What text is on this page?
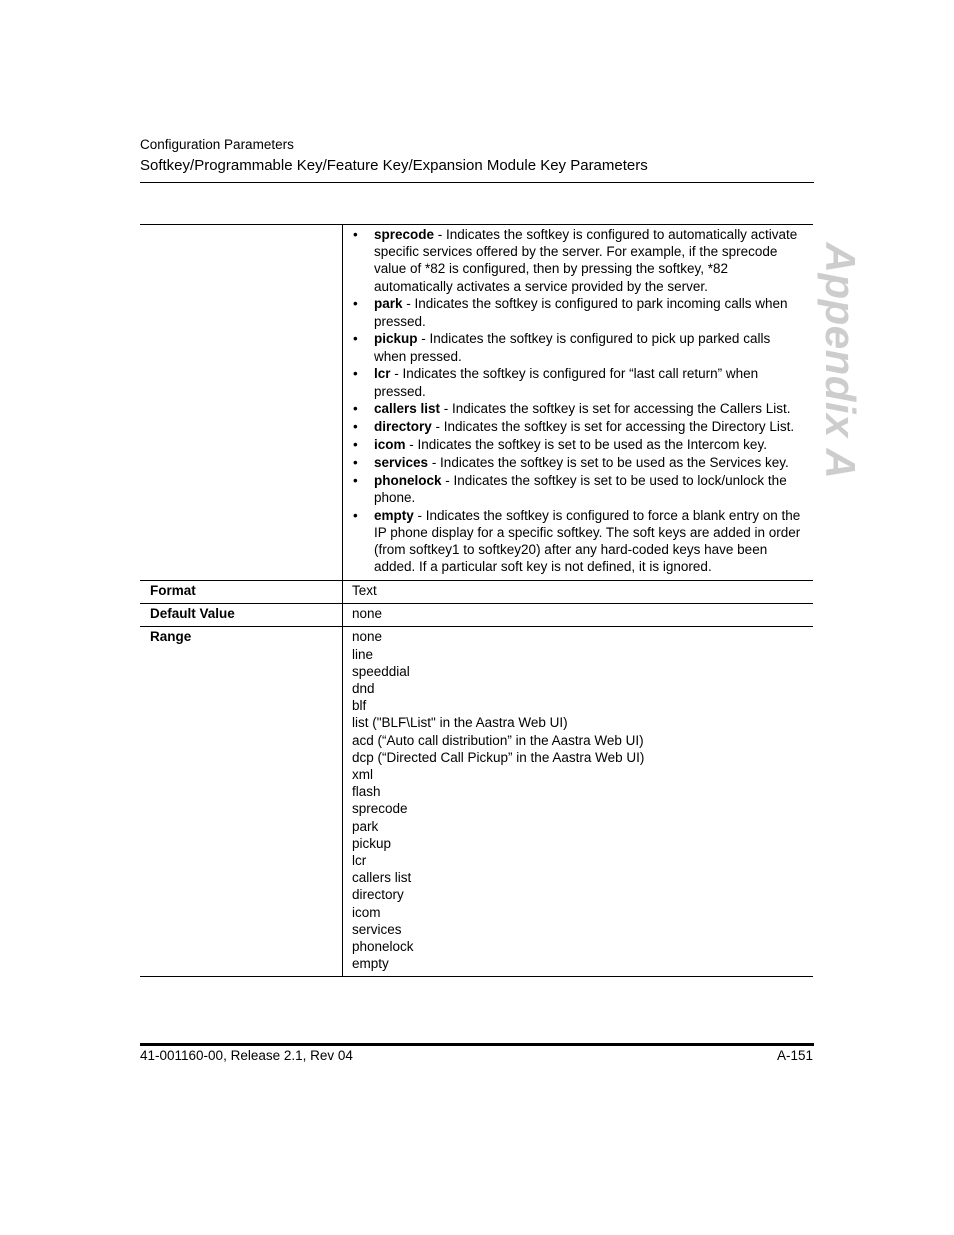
Configuration Parameters
Softkey/Programmable Key/Feature Key/Expansion Module Key Parameters
Appendix A
• sprecode - Indicates the softkey is configured to automatically activate specific services offered by the server. For example, if the sprecode value of *82 is configured, then by pressing the softkey, *82 automatically activates a service provided by the server.
• park - Indicates the softkey is configured to park incoming calls when pressed.
• pickup - Indicates the softkey is configured to pick up parked calls when pressed.
• lcr - Indicates the softkey is configured for “last call return” when pressed.
• callers list - Indicates the softkey is set for accessing the Callers List.
• directory - Indicates the softkey is set for accessing the Directory List.
• icom - Indicates the softkey is set to be used as the Intercom key.
• services - Indicates the softkey is set to be used as the Services key.
• phonelock - Indicates the softkey is set to be used to lock/unlock the phone.
• empty - Indicates the softkey is configured to force a blank entry on the IP phone display for a specific softkey. The soft keys are added in order (from softkey1 to softkey20) after any hard-coded keys have been added. If a particular soft key is not defined, it is ignored.
Format	Text
Default Value	none
Range	none
line
speeddial
dnd
blf
list ("BLF\List" in the Aastra Web UI)
acd (“Auto call distribution” in the Aastra Web UI)
dcp (“Directed Call Pickup” in the Aastra Web UI)
xml
flash
sprecode
park
pickup
lcr
callers list
directory
icom
services
phonelock
empty
41-001160-00, Release 2.1, Rev 04	A-151
